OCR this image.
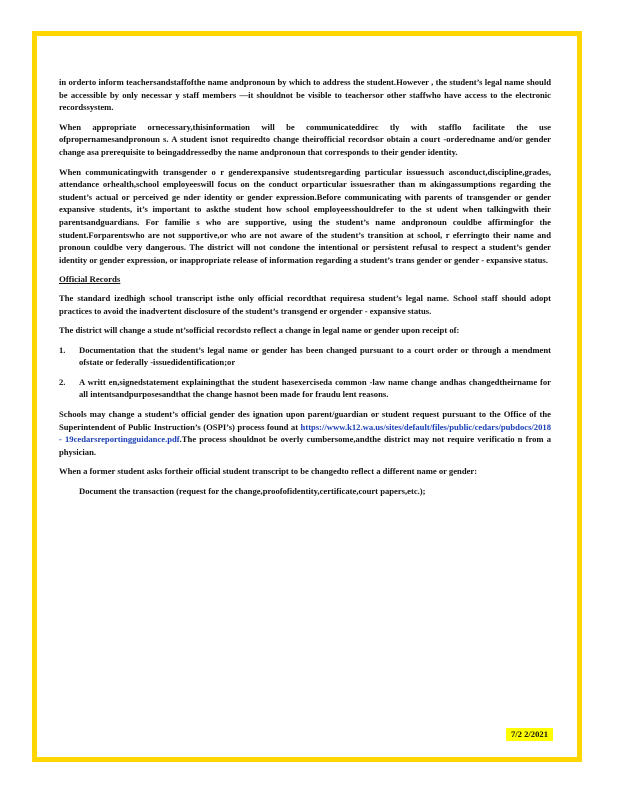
in orderto inform teachersandstaffofthe name andpronoun by which to address the student.However , the student’s legal name should be accessible by only necessar y staff members —it shouldnot be visible to teachersor other staffwho have access to the electronic recordssystem.

When appropriate ornecessary,thisinformation will be communicateddirec tly with stafflo facilitate the use ofpropernamesandpronoun s. A student isnot requiredto change theirofficial recordsor obtain a court -orderedname and/or gender change asa prerequisite to beingaddressedby the name andpronoun that corresponds to their gender identity.

When communicatingwith transgender o r genderexpansive studentsregarding particular issuessuch asconduct,discipline,grades, attendance orhealth,school employeeswill focus on the conduct orparticular issuesrather than m akingassumptions regarding the student’s actual or perceived ge nder identity or gender expression.Before communicating with parents of transgender or gender expansive students, it’s important to askthe student how school employeesshouldrefer to the st udent when talkingwith their parentsandguardians. For familie s who are supportive, using the student’s name andpronoun couldbe affirmingfor the student.Forparentswho are not supportive,or who are not aware of the student’s transition at school, r eferringto their name and pronoun couldbe very dangerous. The district will not condone the intentional or persistent refusal to respect a student’s gender identity or gender expression, or inappropriate release of information regarding a student’s trans gender or gender - expansive status.

Official Records

The standard izedhigh school transcript isthe only official recordthat requiresa student’s legal name. School staff should adopt practices to avoid the inadvertent disclosure of the student’s transgend er orgender - expansive status.

The district will change a stude nt’sofficial recordsto reflect a change in legal name or gender upon receipt of:

1. Documentation that the student’s legal name or gender has been changed pursuant to a court order or through a mendment ofstate or federally -issuedidentification;or
2. A writt en,signedstatement explainingthat the student hasexerciseda common -law name change andhas changedtheirname for all intentsandpurposesandthat the change hasnot been made for fraudu lent reasons.

Schools may change a student’s official gender des ignation upon parent/guardian or student request pursuant to the Office of the Superintendent of Public Instruction’s (OSPI’s) process found at https://www.k12.wa.us/sites/default/files/public/cedars/pubdocs/2018 - 19cedarsreportingguidance.pdf.The process shouldnot be overly cumbersome,andthe district may not require verificatio n from a physician.

When a former student asks fortheir official student transcript to be changedto reflect a different name or gender:

Document the transaction (request for the change,proofofidentity,certificate,court papers,etc.);
7/2 2/2021
